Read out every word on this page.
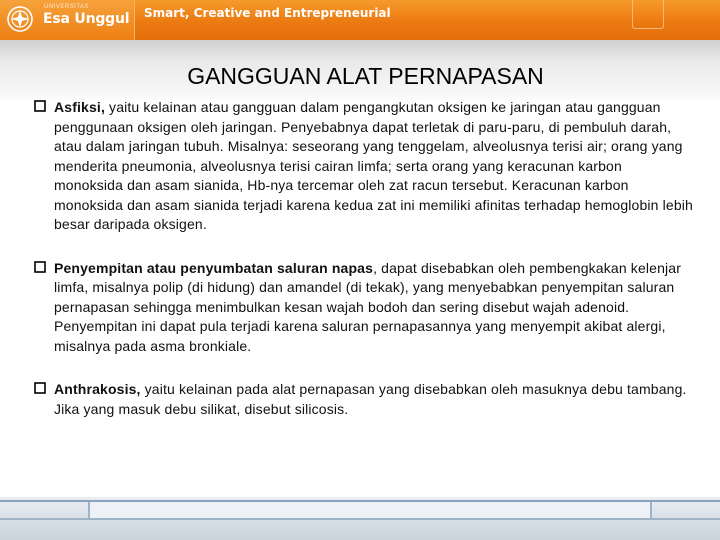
UNIVERSITAS
Esa Unggul Smart, Creative and Entrepreneurial
GANGGUAN ALAT PERNAPASAN

Asfiksi, yaitu kelainan atau gangguan dalam pengangkutan oksigen ke jaringan atau gangguan penggunaan oksigen oleh jaringan. Penyebabnya dapat terletak di paru-paru, di pembuluh darah, atau dalam jaringan tubuh. Misalnya: seseorang yang tenggelam, alveolusnya terisi air; orang yang menderita pneumonia, alveolusnya terisi cairan limfa; serta orang yang keracunan karbon monoksida dan asam sianida, Hb-nya tercemar oleh zat racun tersebut. Keracunan karbon monoksida dan asam sianida terjadi karena kedua zat ini memiliki afinitas terhadap hemoglobin lebih besar daripada oksigen.

Penyempitan atau penyumbatan saluran napas, dapat disebabkan oleh pembengkakan kelenjar limfa, misalnya polip (di hidung) dan amandel (di tekak), yang menyebabkan penyempitan saluran pernapasan sehingga menimbulkan kesan wajah bodoh dan sering disebut wajah adenoid. Penyempitan ini dapat pula terjadi karena saluran pernapasannya yang menyempit akibat alergi, misalnya pada asma bronkiale.

Anthrakosis, yaitu kelainan pada alat pernapasan yang disebabkan oleh masuknya debu tambang. Jika yang masuk debu silikat, disebut silicosis.
